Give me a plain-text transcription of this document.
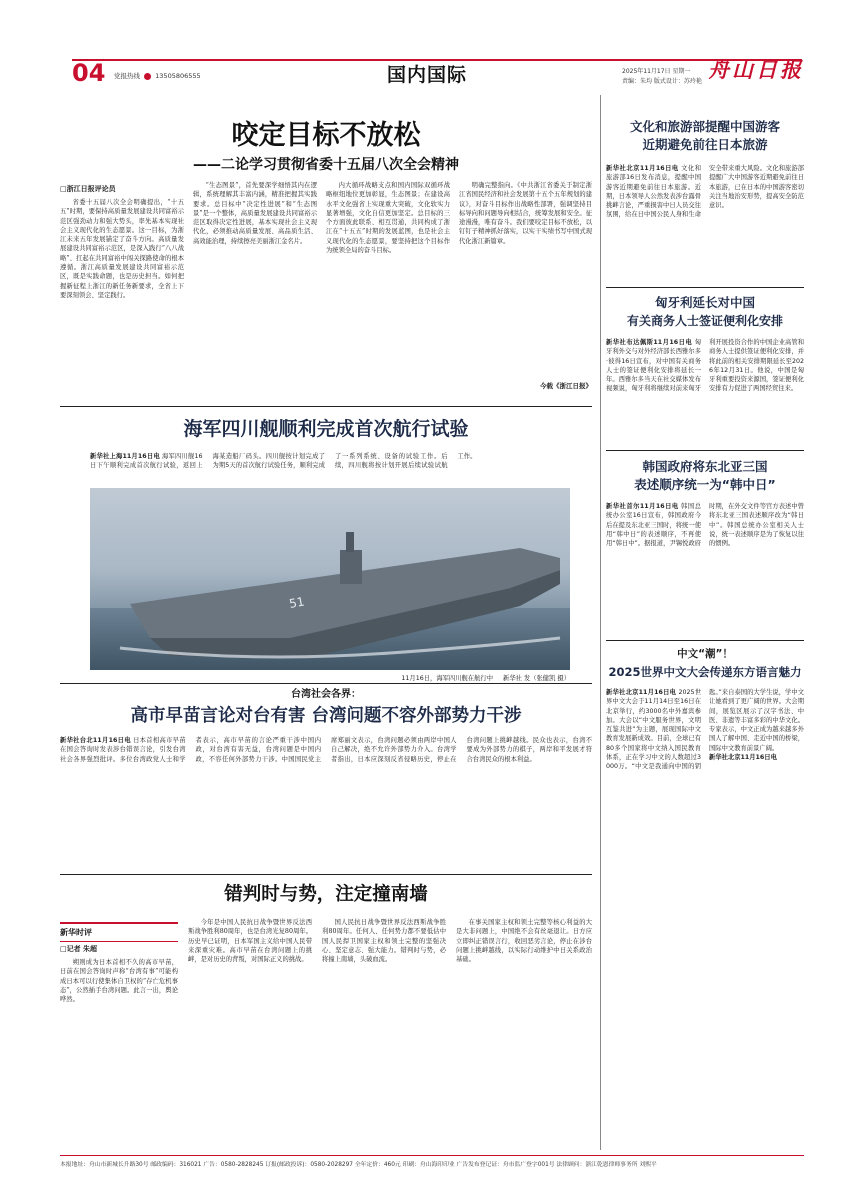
04	党报热线 13505806555	国内国际	2025年11月17日 星期一
责编：朱均 版式设计：苏玲艳 舟山日报
咬定目标不放松
——二论学习贯彻省委十五届八次全会精神
□浙江日报评论员

省委十五届八次全会明确提出，“十五五”时期，要保持高质量发展建设共同富裕示范区强劲动力和强大势头，率先基本实现社会主义现代化的生态愿景。这一目标，为浙江未来五年发展锚定了奋斗方向。高质量发展建设共同富裕示范区，是深入践行“八八战略”、扛起在共同富裕中闯关探路使命的根本遵循。浙江高质量发展建设共同富裕示范区，既是实践命题，也是历史担当。如何把握新征程上浙江的新任务新要求，全省上下要深刻领会、坚定践行。

“生态图景”，首先要深学细悟其内在逻辑，系统理解其丰富内涵，精准把握其实践要求。总目标中“决定性进展”和“生态图景”是一个整体，高质量发展建设共同富裕示范区取得决定性进展，基本实现社会主义现代化，必须推动高质量发展、高品质生活、高效能治理，持续擦亮美丽浙江金名片。

内大循环战略支点和国内国际双循环战略枢纽地位更加彰显，生态图景；在建设高水平文化强省上实现重大突破，文化软实力显著增强，文化自信更加坚定。总目标的三个方面彼此联系、相互贯通，共同构成了浙江在“十五五”时期的发展蓝图，也是社会主义现代化的生态愿景，要坚持把这个目标作为统领全局的奋斗目标。

明确完整指向。《中共浙江省委关于制定浙江省国民经济和社会发展第十五个五年规划的建议》，对奋斗目标作出战略性部署，强调坚持目标导向和问题导向相结合，统筹发展和安全。征途漫漫，唯有奋斗。我们要咬定目标不放松，以钉钉子精神抓好落实，以实干实绩书写中国式现代化浙江新篇章。

今载《浙江日报》
文化和旅游部提醒中国游客
近期避免前往日本旅游
新华社北京11月16日电 文化和旅游部16日发布消息，提醒中国游客近期避免前往日本旅游。近期，日本领导人公然发表涉台露骨挑衅言论，严重损害中日人员交往氛围，给在日中国公民人身和生命安全带来重大风险。文化和旅游部提醒广大中国游客近期避免前往日本旅游，已在日本的中国游客密切关注当地治安形势，提高安全防范意识。
匈牙利延长对中国
有关商务人士签证便利化安排
新华社布达佩斯11月16日电 匈牙利外交与对外经济部长西雅尔多·彼得16日宣布，对中国有关商务人士的签证便利化安排将延长一年。西雅尔多当天在社交媒体发布视频说，匈牙利将继续对前来匈牙利开展投资合作的中国企业高管和商务人士提供签证便利化安排，并将此前的相关安排期限延长至2026年12月31日。他说，中国是匈牙利重要投资来源国，签证便利化安排有力促进了两国经贸往来。
韩国政府将东北亚三国
表述顺序统一为“韩中日”
新华社首尔11月16日电 韩国总统办公室16日宣布，韩国政府今后在提及东北亚三国时，将统一使用“韩中日”的表述顺序，不再使用“韩日中”。据报道，尹锡悦政府时期，在外交文件等官方表述中曾将东北亚三国表述顺序改为“韩日中”。韩国总统办公室相关人士说，统一表述顺序是为了恢复以往的惯例。
海军四川舰顺利完成首次航行试验
新华社上海11月16日电 海军四川舰16日下午顺利完成首次航行试验，返回上海某造船厂码头。四川舰按计划完成了为期5天的首次航行试验任务，顺利完成了一系列系统、设备的试验工作。后续，四川舰将按计划开展后续试验试航工作。
51
11月16日，海军四川舰在航行中 新华社 发（张健凯 摄）
台湾社会各界：
高市早苗言论对台有害 台湾问题不容外部势力干涉
新华社台北11月16日电 日本首相高市早苗在国会答询时发表涉台错误言论，引发台湾社会各界强烈批评。多位台湾政党人士和学者表示，高市早苗的言论严重干涉中国内政，对台湾有害无益，台湾问题是中国内政，不容任何外部势力干涉。中国国民党主席郑丽文表示，台湾问题必须由两岸中国人自己解决，绝不允许外部势力介入。台湾学者指出，日本应深刻反省侵略历史，停止在台湾问题上挑衅越线。民众也表示，台湾不要成为外部势力的棋子，两岸和平发展才符合台湾民众的根本利益。
中文“潮”！
2025世界中文大会传递东方语言魅力
新华社北京11月16日电 2025世界中文大会于11月14日至16日在北京举行，约3000名中外嘉宾参加。大会以“中文服务世界，文明互鉴共进”为主题，展现国际中文教育发展新成效。目前，全球已有80多个国家将中文纳入国民教育体系，正在学习中文的人数超过3000万。“中文是我通向中国的钥匙。”来自泰国的大学生说，学中文让她看到了更广阔的世界。大会期间，展览区展示了汉字书法、中医、非遗等丰富多彩的中华文化。专家表示，中文正成为越来越多外国人了解中国、走近中国的桥梁，国际中文教育前景广阔。
新华社北京11月16日电
错判时与势，注定撞南墙
新华时评
□记者 朱超

朔则成为日本首相不久的高市早苗，日前在国会答询时声称“台湾有事”可能构成日本可以行使集体自卫权的“存亡危机事态”，公然插手台湾问题。此言一出，舆论哗然。

今年是中国人民抗日战争暨世界反法西斯战争胜利80周年，也是台湾光复80周年。历史早已证明，日本军国主义给中国人民带来深重灾难。高市早苗在台湾问题上的挑衅，是对历史的背叛，对国际正义的挑战。

国人民抗日战争暨世界反法西斯战争胜利80周年。任何人、任何势力都不要低估中国人民捍卫国家主权和领土完整的坚强决心、坚定意志、强大能力。错判时与势，必将撞上南墙，头破血流。

在事关国家主权和领土完整等核心利益的大是大非问题上，中国绝不会有丝毫退让。日方应立即纠正错误言行，收回恶劣言论，停止在涉台问题上挑衅越线，以实际行动维护中日关系政治基础。

本报地址：舟山市新城长升路30号 邮政编码：316021 广告：0580-2828245 订报(邮政投诉)：0580-2028297 全年定价：460元 印刷：舟山海印印业 广告发布登记证：舟市监广登字001号 法律顾问：浙江乾恩律师事务所 刘熙平
